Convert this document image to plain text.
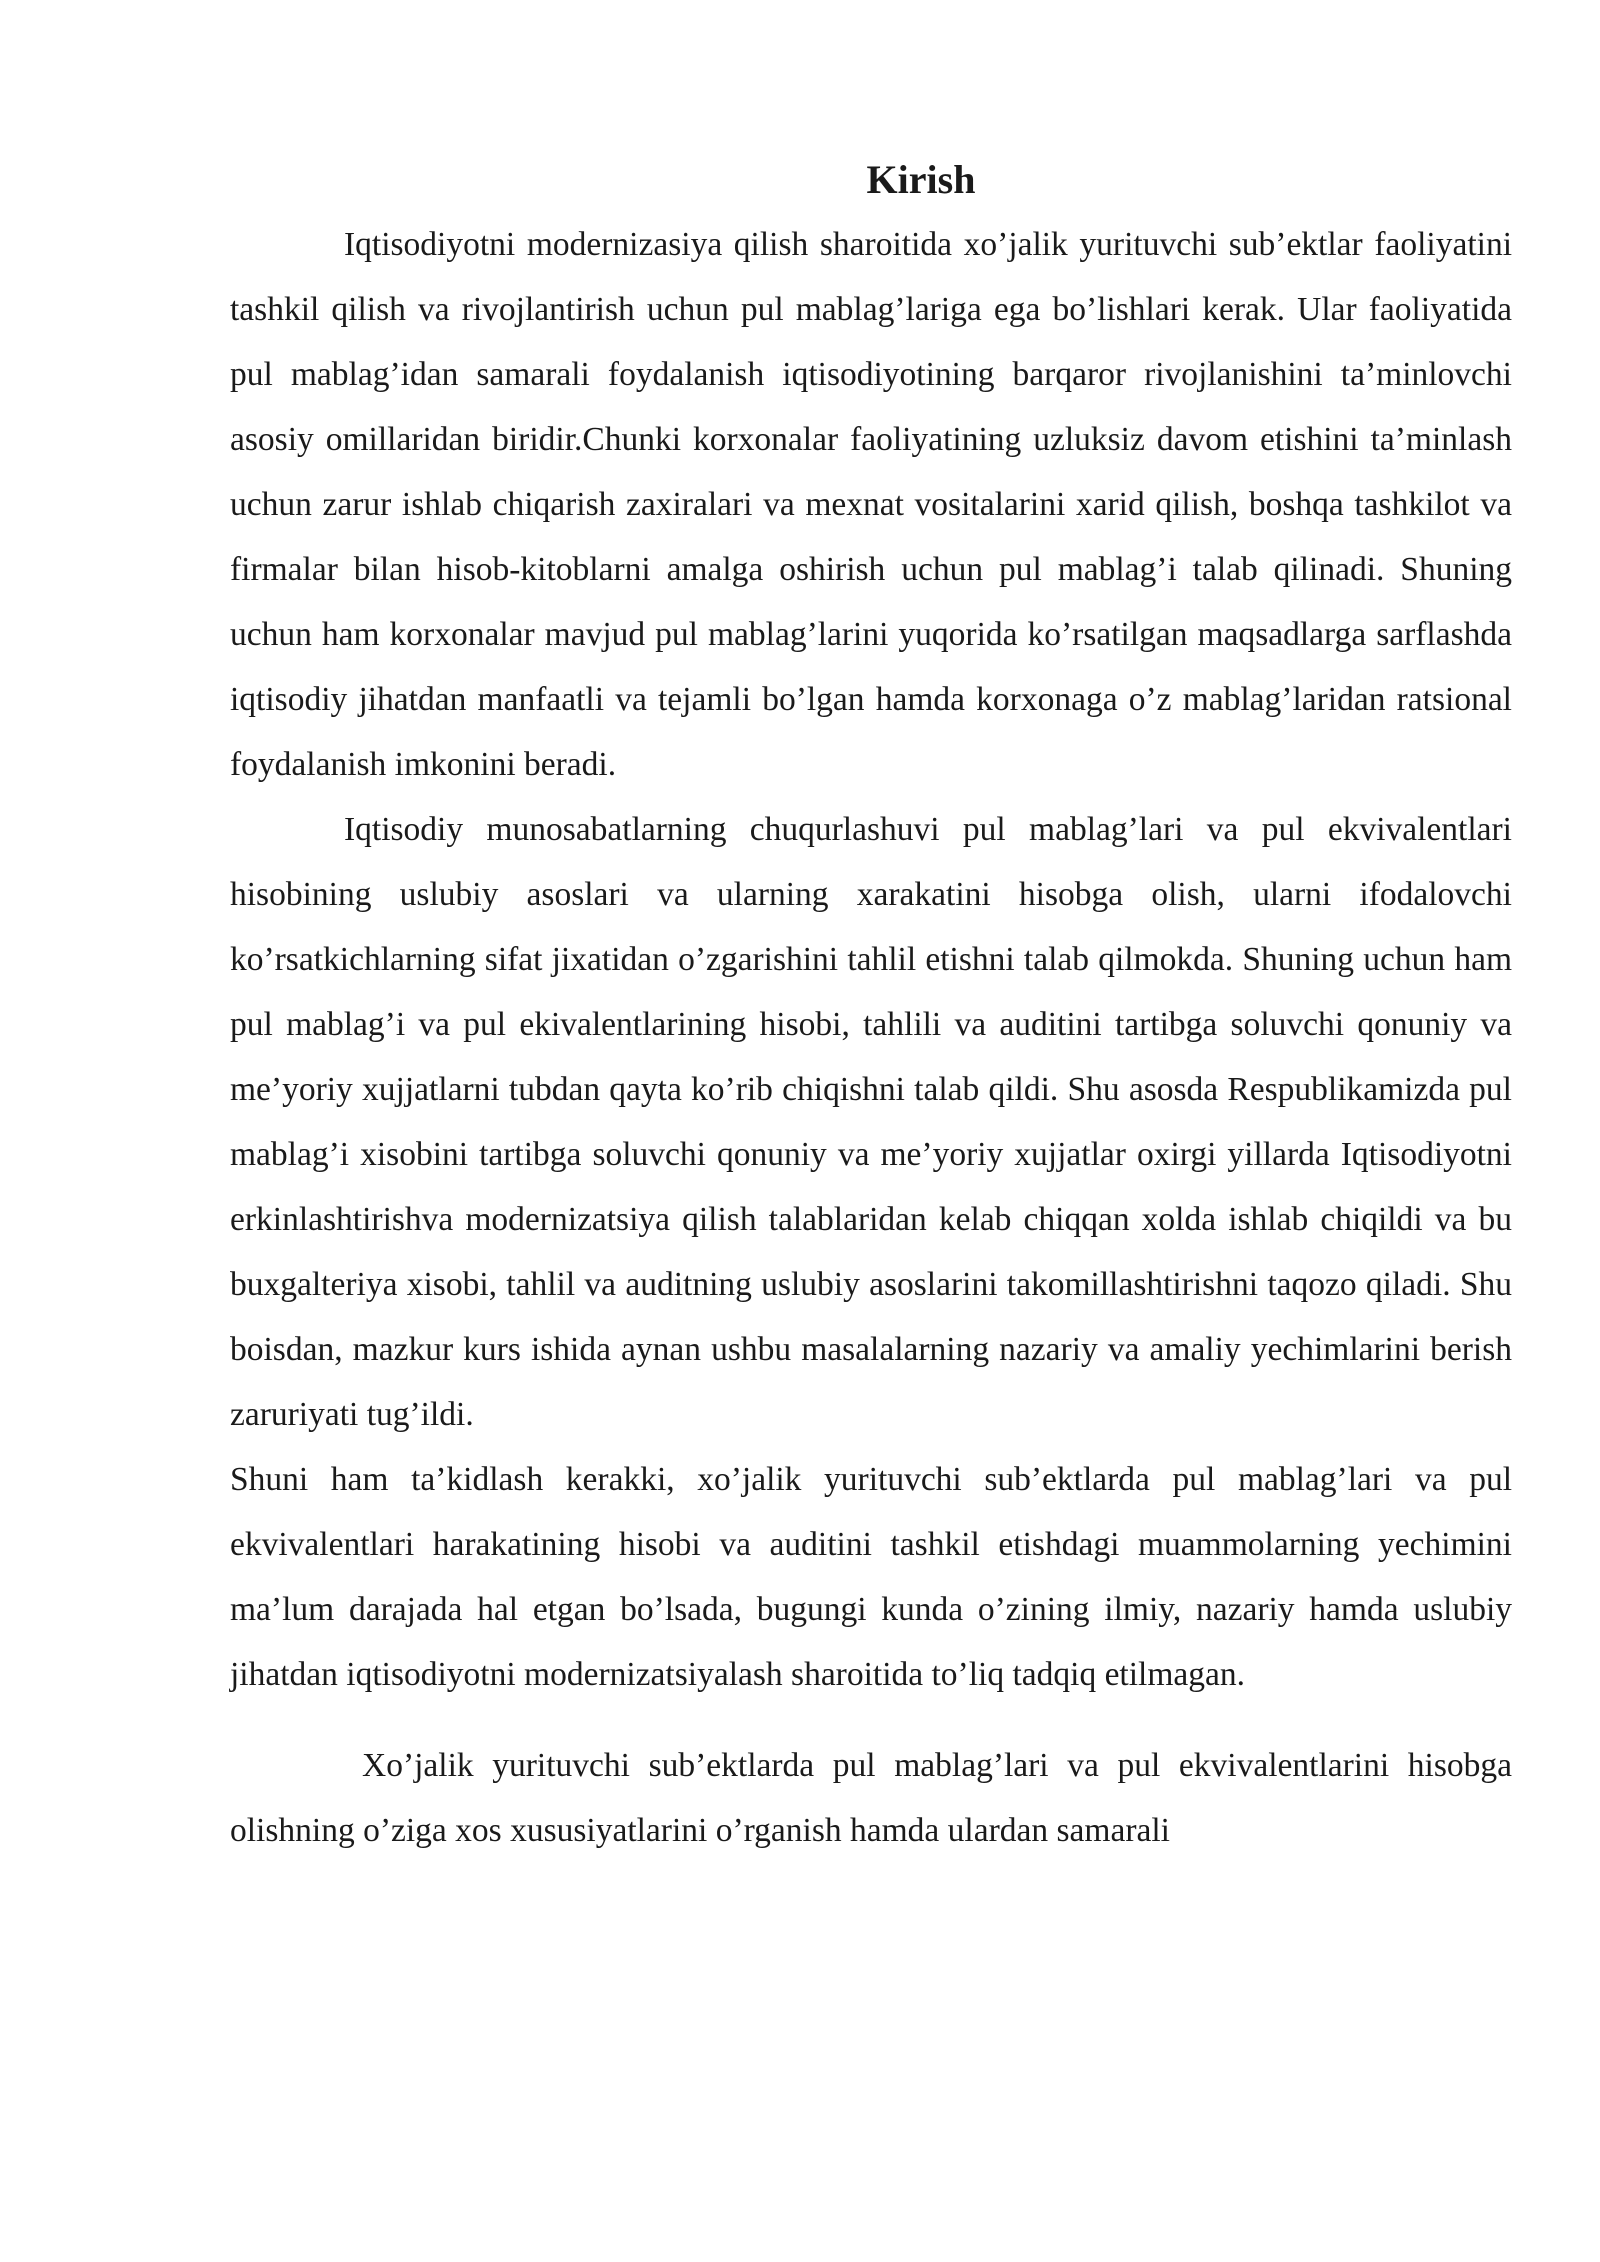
Kirish

Iqtisodiyotni modernizasiya qilish sharoitida xo’jalik yurituvchi sub’ektlar faoliyatini tashkil qilish va rivojlantirish uchun pul mablag’lariga ega bo’lishlari kerak. Ular faoliyatida pul mablag’idan samarali foydalanish iqtisodiyotining barqaror rivojlanishini ta’minlovchi asosiy omillaridan biridir.Chunki korxonalar faoliyatining uzluksiz davom etishini ta’minlash uchun zarur ishlab chiqarish zaxiralari va mexnat vositalarini xarid qilish, boshqa tashkilot va firmalar bilan hisob-kitoblarni amalga oshirish uchun pul mablag’i talab qilinadi. Shuning uchun ham korxonalar mavjud pul mablag’larini yuqorida ko’rsatilgan maqsadlarga sarflashda iqtisodiy jihatdan manfaatli va tejamli bo’lgan hamda korxonaga o’z mablag’laridan ratsional foydalanish imkonini beradi.

Iqtisodiy munosabatlarning chuqurlashuvi pul mablag’lari va pul ekvivalentlari hisobining uslubiy asoslari va ularning xarakatini hisobga olish, ularni ifodalovchi ko’rsatkichlarning sifat jixatidan o’zgarishini tahlil etishni talab qilmokda. Shuning uchun ham pul mablag’i va pul ekivalentlarining hisobi, tahlili va auditini tartibga soluvchi qonuniy va me’yoriy xujjatlarni tubdan qayta ko’rib chiqishni talab qildi. Shu asosda Respublikamizda pul mablag’i xisobini tartibga soluvchi qonuniy va me’yoriy xujjatlar oxirgi yillarda Iqtisodiyotni erkinlashtirishva modernizatsiya qilish talablaridan kelab chiqqan xolda ishlab chiqildi va bu buxgalteriya xisobi, tahlil va auditning uslubiy asoslarini takomillashtirishni taqozo qiladi. Shu boisdan, mazkur kurs ishida aynan ushbu masalalarning nazariy va amaliy yechimlarini berish zaruriyati tug’ildi.

Shuni ham ta’kidlash kerakki, xo’jalik yurituvchi sub’ektlarda pul mablag’lari va pul ekvivalentlari harakatining hisobi va auditini tashkil etishdagi muammolarning yechimini ma’lum darajada hal etgan bo’lsada, bugungi kunda o’zining ilmiy, nazariy hamda uslubiy jihatdan iqtisodiyotni modernizatsiyalash sharoitida to’liq tadqiq etilmagan.

Xo’jalik yurituvchi sub’ektlarda pul mablag’lari va pul ekvivalentlarini hisobga olishning o’ziga xos xususiyatlarini o’rganish hamda ulardan samarali
